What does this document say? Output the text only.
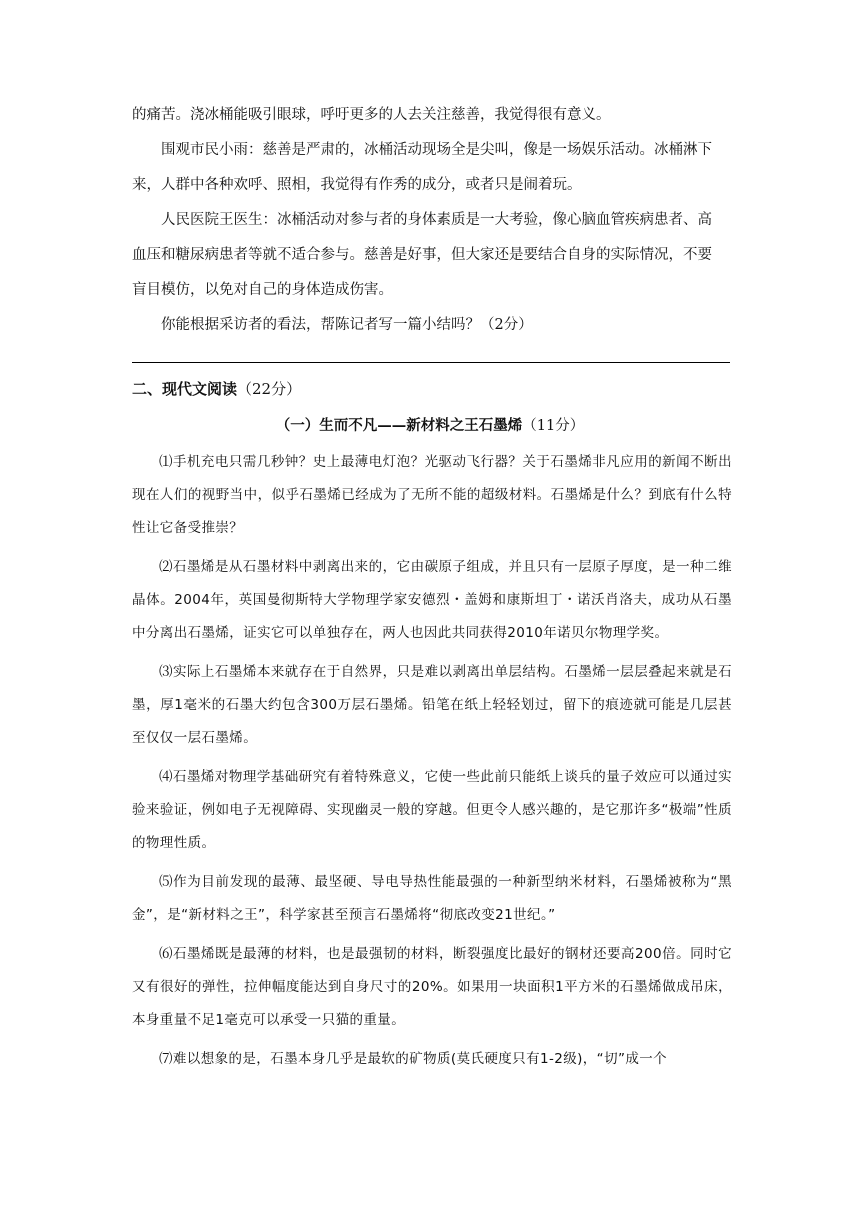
的痛苦。浇冰桶能吸引眼球，呼吁更多的人去关注慈善，我觉得很有意义。

围观市民小雨：慈善是严肃的，冰桶活动现场全是尖叫，像是一场娱乐活动。冰桶淋下

来，人群中各种欢呼、照相，我觉得有作秀的成分，或者只是闹着玩。

人民医院王医生：冰桶活动对参与者的身体素质是一大考验，像心脑血管疾病患者、高

血压和糖尿病患者等就不适合参与。慈善是好事，但大家还是要结合自身的实际情况，不要

盲目模仿，以免对自己的身体造成伤害。

你能根据采访者的看法，帮陈记者写一篇小结吗？（2分）

二、现代文阅读（22分）

（一）生而不凡——新材料之王石墨烯（11分）

⑴手机充电只需几秒钟？史上最薄电灯泡？光驱动飞行器？关于石墨烯非凡应用的新闻不断出现在人们的视野当中，似乎石墨烯已经成为了无所不能的超级材料。石墨烯是什么？到底有什么特性让它备受推崇？

⑵石墨烯是从石墨材料中剥离出来的，它由碳原子组成，并且只有一层原子厚度，是一种二维晶体。2004年，英国曼彻斯特大学物理学家安德烈・盖姆和康斯坦丁・诺沃肖洛夫，成功从石墨中分离出石墨烯，证实它可以单独存在，两人也因此共同获得2010年诺贝尔物理学奖。

⑶实际上石墨烯本来就存在于自然界，只是难以剥离出单层结构。石墨烯一层层叠起来就是石墨，厚1毫米的石墨大约包含300万层石墨烯。铅笔在纸上轻轻划过，留下的痕迹就可能是几层甚至仅仅一层石墨烯。

⑷石墨烯对物理学基础研究有着特殊意义，它使一些此前只能纸上谈兵的量子效应可以通过实验来验证，例如电子无视障碍、实现幽灵一般的穿越。但更令人感兴趣的，是它那许多“极端”性质的物理性质。

⑸作为目前发现的最薄、最坚硬、导电导热性能最强的一种新型纳米材料，石墨烯被称为“黑金”，是“新材料之王”，科学家甚至预言石墨烯将“彻底改变21世纪。”

⑹石墨烯既是最薄的材料，也是最强韧的材料，断裂强度比最好的钢材还要高200倍。同时它又有很好的弹性，拉伸幅度能达到自身尺寸的20%。如果用一块面积1平方米的石墨烯做成吊床，本身重量不足1毫克可以承受一只猫的重量。

⑺难以想象的是，石墨本身几乎是最软的矿物质(莫氏硬度只有1-2级)，“切”成一个
